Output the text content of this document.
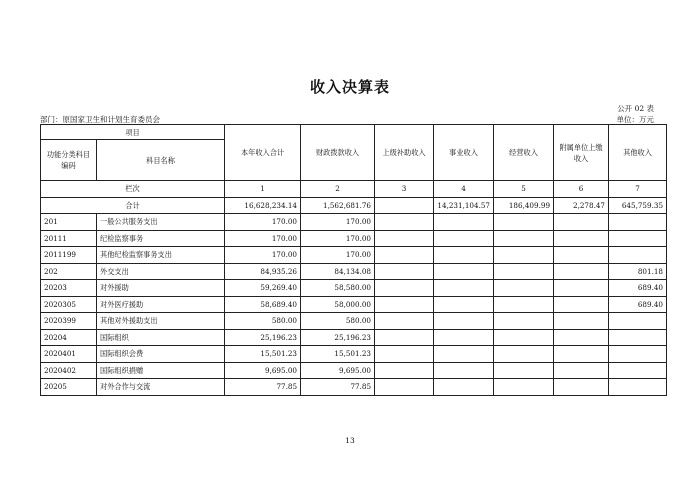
收入决算表
公开 02 表
部门：原国家卫生和计划生育委员会	单位：万元
项目		本年收入合计	财政拨款收入	上级补助收入	事业收入	经营收入	附属单位上缴收入	其他收入
功能分类科目编码	科目名称							
栏次		1	2	3	4	5	6	7
合计		16,628,234.14	1,562,681.76		14,231,104.57	186,409.99	2,278.47	645,759.35
201	一般公共服务支出	170.00	170.00					
20111	纪检监察事务	170.00	170.00					
2011199	其他纪检监察事务支出	170.00	170.00					
202	外交支出	84,935.26	84,134.08					801.18
20203	对外援助	59,269.40	58,580.00					689.40
2020305	对外医疗援助	58,689.40	58,000.00					689.40
2020399	其他对外援助支出	580.00	580.00					
20204	国际组织	25,196.23	25,196.23					
2020401	国际组织会费	15,501.23	15,501.23					
2020402	国际组织捐赠	9,695.00	9,695.00					
20205	对外合作与交流	77.85	77.85					
13
